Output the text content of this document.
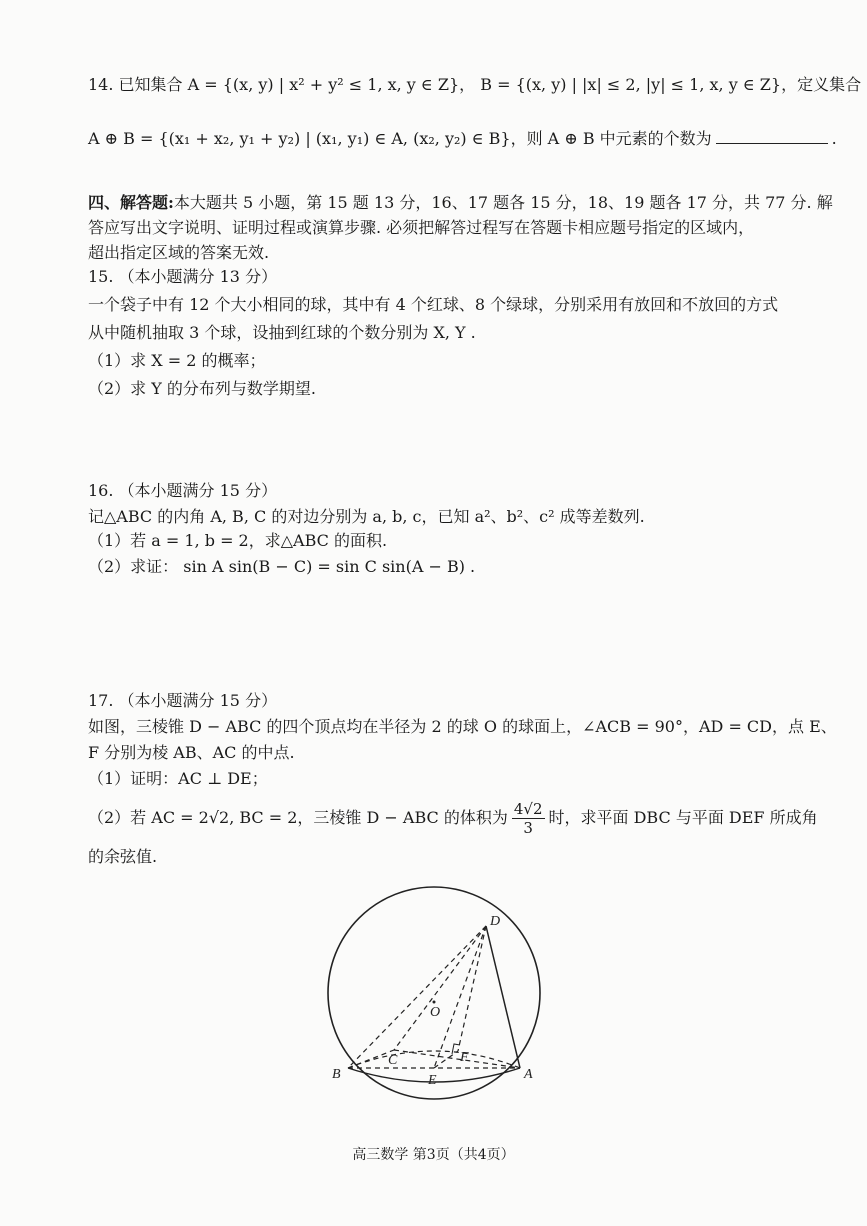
14. 已知集合 A = {(x, y) | x² + y² ≤ 1, x, y ∈ Z}， B = {(x, y) | |x| ≤ 2, |y| ≤ 1, x, y ∈ Z}，定义集合
A ⊕ B = {(x₁ + x₂, y₁ + y₂) | (x₁, y₁) ∈ A, (x₂, y₂) ∈ B}，则 A ⊕ B 中元素的个数为	.
四、解答题:本大题共 5 小题，第 15 题 13 分，16、17 题各 15 分，18、19 题各 17 分，共 77 分. 解
答应写出文字说明、证明过程或演算步骤. 必须把解答过程写在答题卡相应题号指定的区域内，
超出指定区域的答案无效.
15. （本小题满分 13 分）
一个袋子中有 12 个大小相同的球，其中有 4 个红球、8 个绿球，分别采用有放回和不放回的方式
从中随机抽取 3 个球，设抽到红球的个数分别为 X, Y .
（1）求 X = 2 的概率；
（2）求 Y 的分布列与数学期望.
16. （本小题满分 15 分）
记△ABC 的内角 A, B, C 的对边分别为 a, b, c，已知 a²、b²、c² 成等差数列.
（1）若 a = 1, b = 2，求△ABC 的面积.
（2）求证： sin A sin(B − C) = sin C sin(A − B) .
17. （本小题满分 15 分）
如图，三棱锥 D − ABC 的四个顶点均在半径为 2 的球 O 的球面上，∠ACB = 90°，AD = CD，点 E、
F 分别为棱 AB、AC 的中点.
（1）证明：AC ⊥ DE；
（2）若 AC = 2√2, BC = 2，三棱锥 D − ABC 的体积为 $\frac{4√2}{3}$ 时，求平面 DBC 与平面 DEF 所成角
的余弦值.
D
O
C	F
B	E	A
高三数学 第3页（共4页）
